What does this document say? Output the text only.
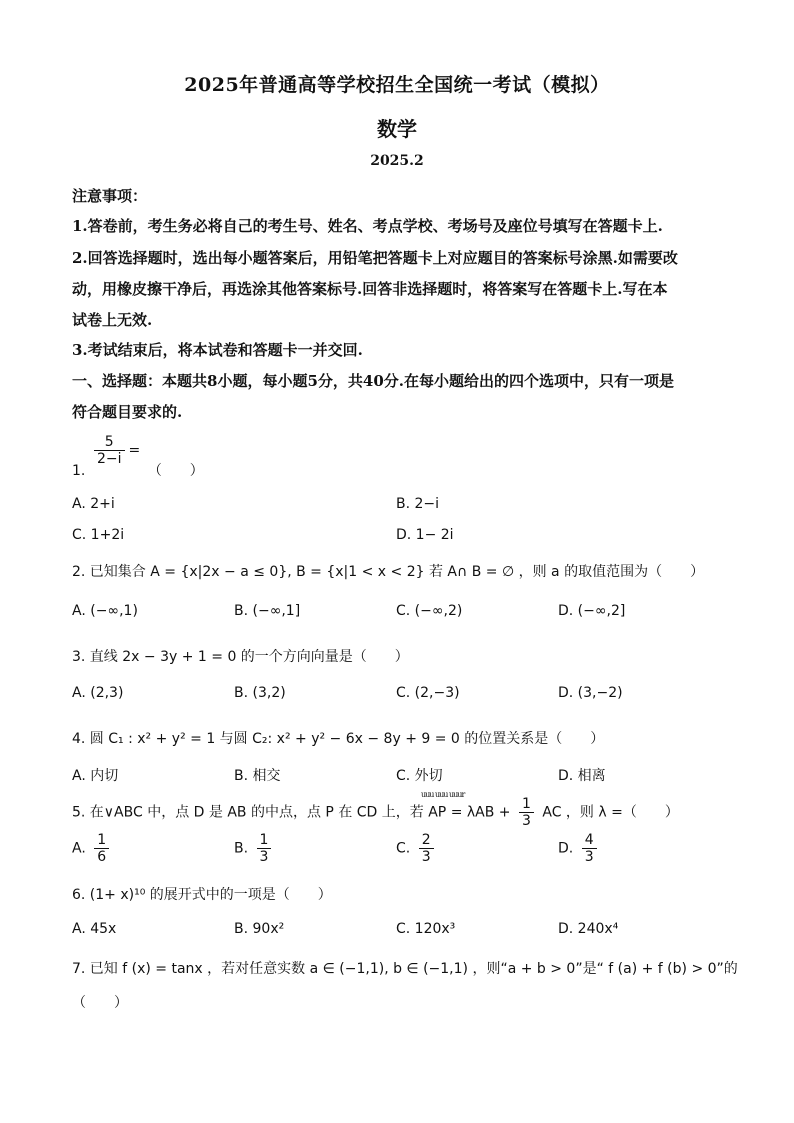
2025年普通高等学校招生全国统一考试（模拟）
数学
2025.2
注意事项：
1.答卷前，考生务必将自己的考生号、姓名、考点学校、考场号及座位号填写在答题卡上.
2.回答选择题时，选出每小题答案后，用铅笔把答题卡上对应题目的答案标号涂黑.如需要改
动，用橡皮擦干净后，再选涂其他答案标号.回答非选择题时，将答案写在答题卡上.写在本
试卷上无效.
3.考试结束后，将本试卷和答题卡一并交回.
一、选择题：本题共8小题，每小题5分，共40分.在每小题给出的四个选项中，只有一项是
符合题目要求的.
$\frac{5}{2-i}$ =
1.	（　　）
A. 2+i	B. 2−i
C. 1+2i	D. 1− 2i
2. 已知集合 A = {x|2x − a ≤ 0}, B = {x|1 < x < 2} 若 A∩ B = ∅ ，则 a 的取值范围为（　　）
A. (−∞,1)	B. (−∞,1]	C. (−∞,2)	D. (−∞,2]
3. 直线 2x − 3y + 1 = 0 的一个方向向量是（　　）
A. (2,3)	B. (3,2)	C. (2,−3)	D. (3,−2)
4. 圆 C₁ : x² + y² = 1 与圆 C₂: x² + y² − 6x − 8y + 9 = 0 的位置关系是（　　）
A. 内切	B. 相交	C. 外切	D. 相离
uuu uuu uuur
5. 在∨ABC 中，点 D 是 AB 的中点，点 P 在 CD 上，若 AP = $\lambda AB + \frac{1}{3}$ AC ，则 λ =（　　）
A. $\frac{1}{6}$	B. $\frac{1}{3}$	C. $\frac{2}{3}$	D. $\frac{4}{3}$
6. (1+ x)¹⁰ 的展开式中的一项是（　　）
A. 45x	B. 90x²	C. 120x³	D. 240x⁴
7. 已知 f (x) = tanx ，若对任意实数 a ∈ (−1,1), b ∈ (−1,1) ，则“a + b > 0”是“ f (a) + f (b) > 0”的
（　　）
